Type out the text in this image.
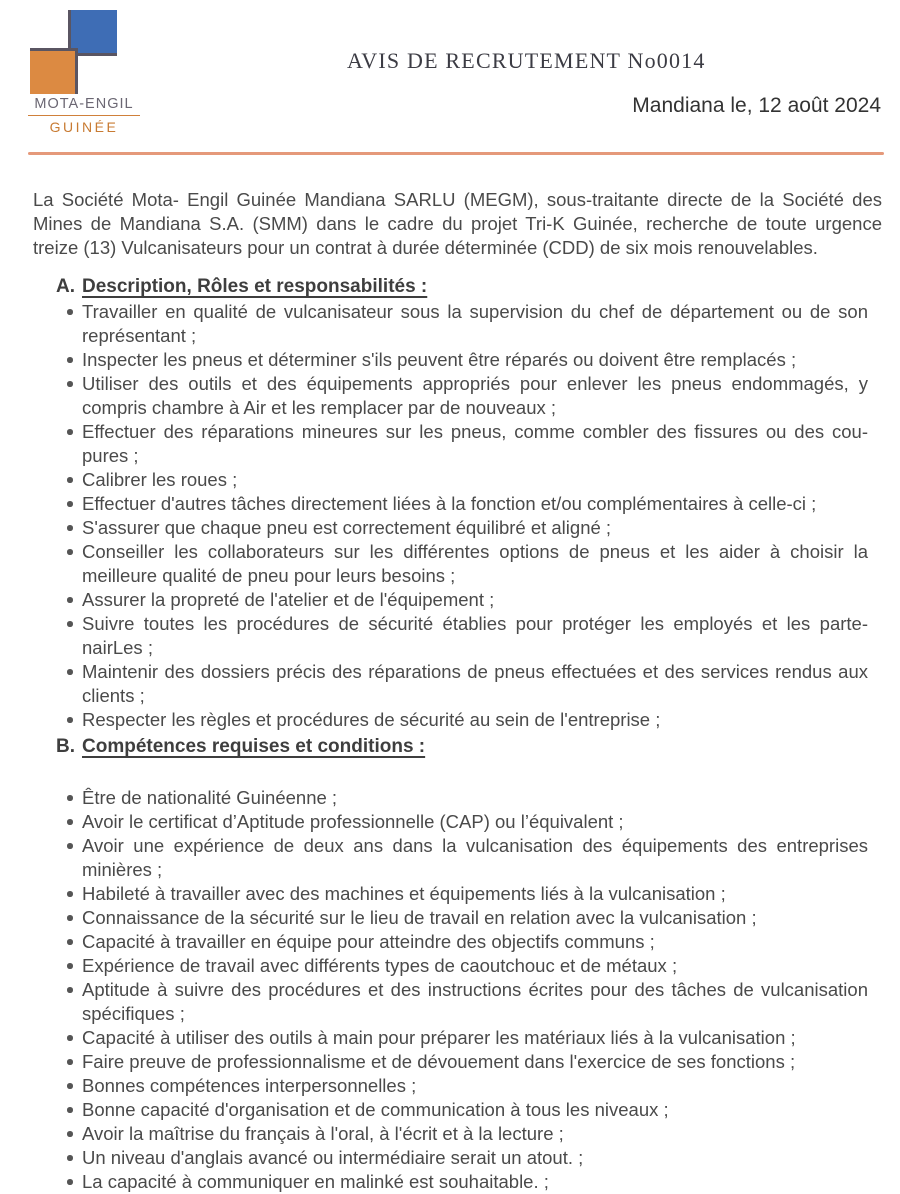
MOTA-ENGIL
GUINÉE
AVIS DE RECRUTEMENT No0014
Mandiana le, 12 août 2024

La Société Mota- Engil Guinée Mandiana SARLU (MEGM), sous-traitante directe de la Société des Mines de Mandiana S.A. (SMM) dans le cadre du projet Tri-K Guinée, recherche de toute urgence treize (13) Vulcanisateurs pour un contrat à durée déterminée (CDD) de six mois renouvelables.

A. Description, Rôles et responsabilités :
Travailler en qualité de vulcanisateur sous la supervision du chef de département ou de son représentant ;
Inspecter les pneus et déterminer s'ils peuvent être réparés ou doivent être remplacés ;
Utiliser des outils et des équipements appropriés pour enlever les pneus endommagés, y compris chambre à Air et les remplacer par de nouveaux ;
Effectuer des réparations mineures sur les pneus, comme combler des fissures ou des cou-pures ;
Calibrer les roues ;
Effectuer d'autres tâches directement liées à la fonction et/ou complémentaires à celle-ci ;
S'assurer que chaque pneu est correctement équilibré et aligné ;
Conseiller les collaborateurs sur les différentes options de pneus et les aider à choisir la meilleure qualité de pneu pour leurs besoins ;
Assurer la propreté de l'atelier et de l'équipement ;
Suivre toutes les procédures de sécurité établies pour protéger les employés et les parte-nairLes ;
Maintenir des dossiers précis des réparations de pneus effectuées et des services rendus aux clients ;
Respecter les règles et procédures de sécurité au sein de l'entreprise ;
B. Compétences requises et conditions :
Être de nationalité Guinéenne ;
Avoir le certificat d’Aptitude professionnelle (CAP) ou l’équivalent ;
Avoir une expérience de deux ans dans la vulcanisation des équipements des entreprises minières ;
Habileté à travailler avec des machines et équipements liés à la vulcanisation ;
Connaissance de la sécurité sur le lieu de travail en relation avec la vulcanisation ;
Capacité à travailler en équipe pour atteindre des objectifs communs ;
Expérience de travail avec différents types de caoutchouc et de métaux ;
Aptitude à suivre des procédures et des instructions écrites pour des tâches de vulcanisation spécifiques ;
Capacité à utiliser des outils à main pour préparer les matériaux liés à la vulcanisation ;
Faire preuve de professionnalisme et de dévouement dans l'exercice de ses fonctions ;
Bonnes compétences interpersonnelles ;
Bonne capacité d'organisation et de communication à tous les niveaux ;
Avoir la maîtrise du français à l'oral, à l'écrit et à la lecture ;
Un niveau d'anglais avancé ou intermédiaire serait un atout. ;
La capacité à communiquer en malinké est souhaitable. ;
